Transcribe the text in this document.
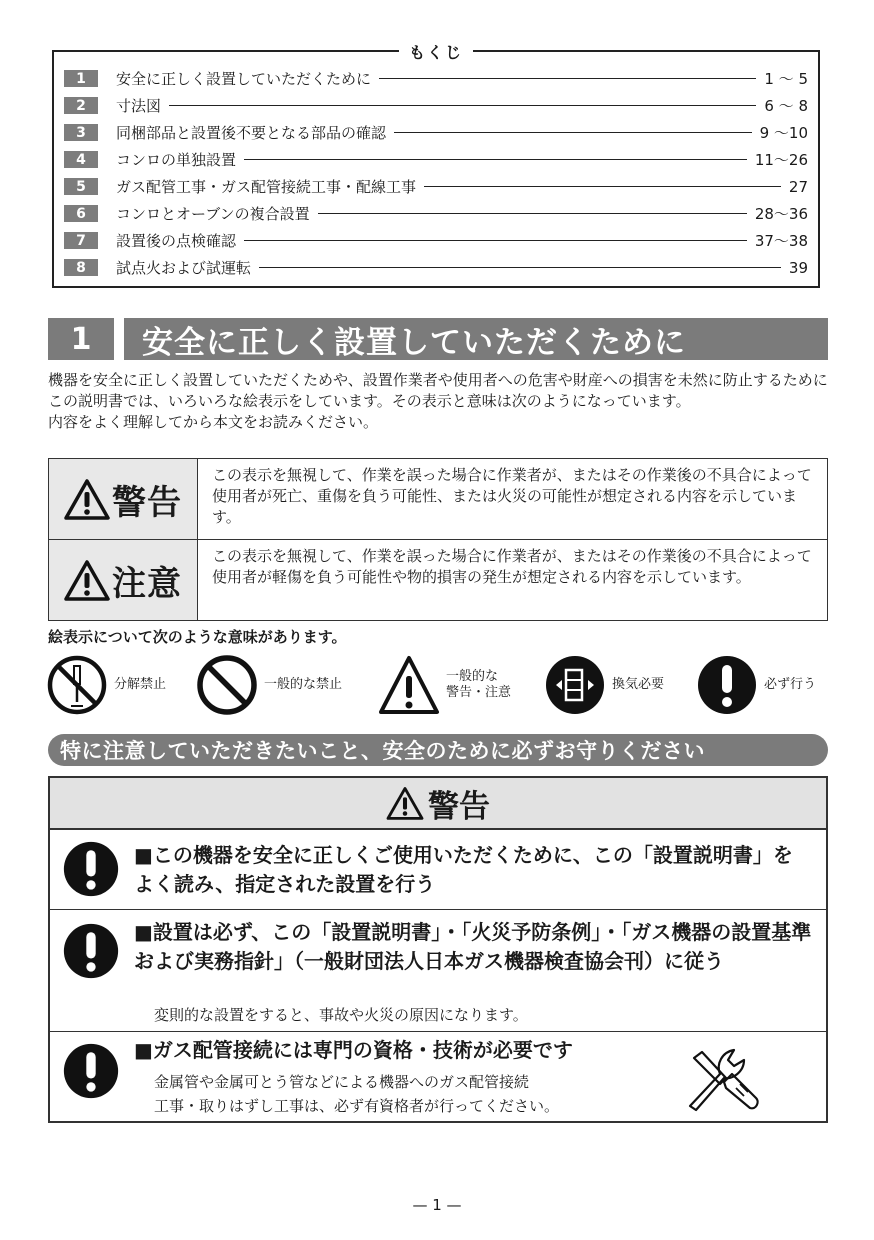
もくじ
1	安全に正しく設置していただくために	1 ～ 5
2	寸法図	6 ～ 8
3	同梱部品と設置後不要となる部品の確認	9 ～10
4	コンロの単独設置	11～26
5	ガス配管工事・ガス配管接続工事・配線工事	27
6	コンロとオーブンの複合設置	28～36
7	設置後の点検確認	37～38
8	試点火および試運転	39
1	安全に正しく設置していただくために

機器を安全に正しく設置していただくためや、設置作業者や使用者への危害や財産への損害を未然に防止するためにこの説明書では、いろいろな絵表示をしています。その表示と意味は次のようになっています。

内容をよく理解してから本文をお読みください。

警告
この表示を無視して、作業を誤った場合に作業者が、またはその作業後の不具合によって使用者が死亡、重傷を負う可能性、または火災の可能性が想定される内容を示しています。
注意
この表示を無視して、作業を誤った場合に作業者が、またはその作業後の不具合によって使用者が軽傷を負う可能性や物的損害の発生が想定される内容を示しています。
絵表示について次のような意味があります。
分解禁止	一般的な禁止
一般的な
警告・注意
換気必要	必ず行う
特に注意していただきたいこと、安全のために必ずお守りください
警告
■この機器を安全に正しくご使用いただくために、この「設置説明書」をよく読み、指定された設置を行う
■設置は必ず、この「設置説明書」・「火災予防条例」・「ガス機器の設置基準および実務指針」（一般財団法人日本ガス機器検査協会刊）に従う
変則的な設置をすると、事故や火災の原因になります。
■ガス配管接続には専門の資格・技術が必要です
金属管や金属可とう管などによる機器へのガス配管接続
工事・取りはずし工事は、必ず有資格者が行ってください。
— 1 —
